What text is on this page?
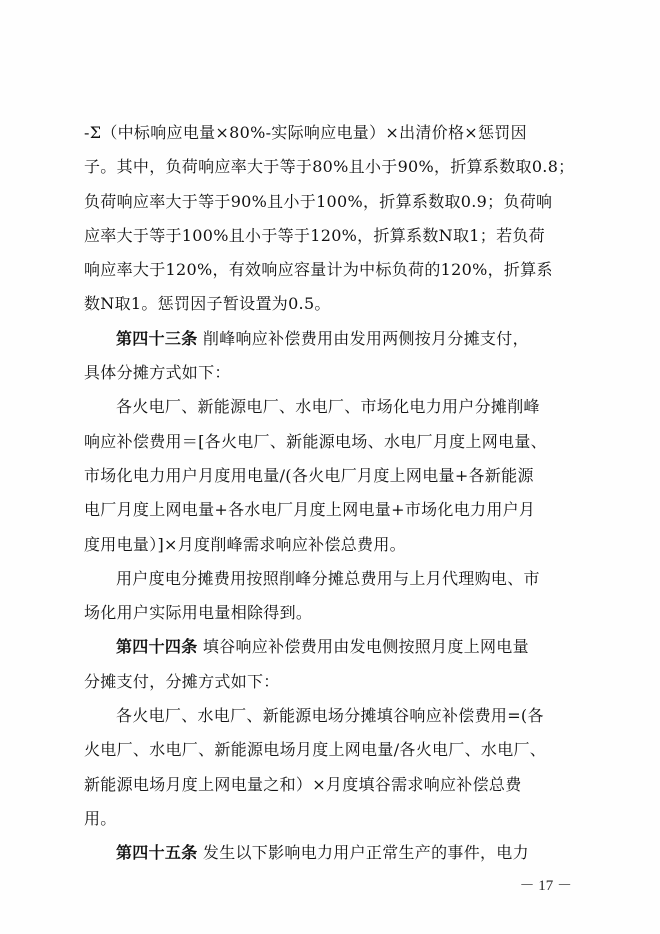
-Σ（中标响应电量×80%-实际响应电量）×出清价格×惩罚因
子。其中，负荷响应率大于等于80%且小于90%，折算系数取0.8；
负荷响应率大于等于90%且小于100%，折算系数取0.9；负荷响
应率大于等于100%且小于等于120%，折算系数N取1；若负荷
响应率大于120%，有效响应容量计为中标负荷的120%，折算系
数N取1。惩罚因子暂设置为0.5。
第四十三条 削峰响应补偿费用由发用两侧按月分摊支付，
具体分摊方式如下：
各火电厂、新能源电厂、水电厂、市场化电力用户分摊削峰
响应补偿费用＝[各火电厂、新能源电场、水电厂月度上网电量、
市场化电力用户月度用电量/(各火电厂月度上网电量+各新能源
电厂月度上网电量+各水电厂月度上网电量+市场化电力用户月
度用电量）]×月度削峰需求响应补偿总费用。
用户度电分摊费用按照削峰分摊总费用与上月代理购电、市
场化用户实际用电量相除得到。
第四十四条 填谷响应补偿费用由发电侧按照月度上网电量
分摊支付，分摊方式如下：
各火电厂、水电厂、新能源电场分摊填谷响应补偿费用=(各
火电厂、水电厂、新能源电场月度上网电量/各火电厂、水电厂、
新能源电场月度上网电量之和）×月度填谷需求响应补偿总费
用。
第四十五条 发生以下影响电力用户正常生产的事件，电力
－ 17 －
